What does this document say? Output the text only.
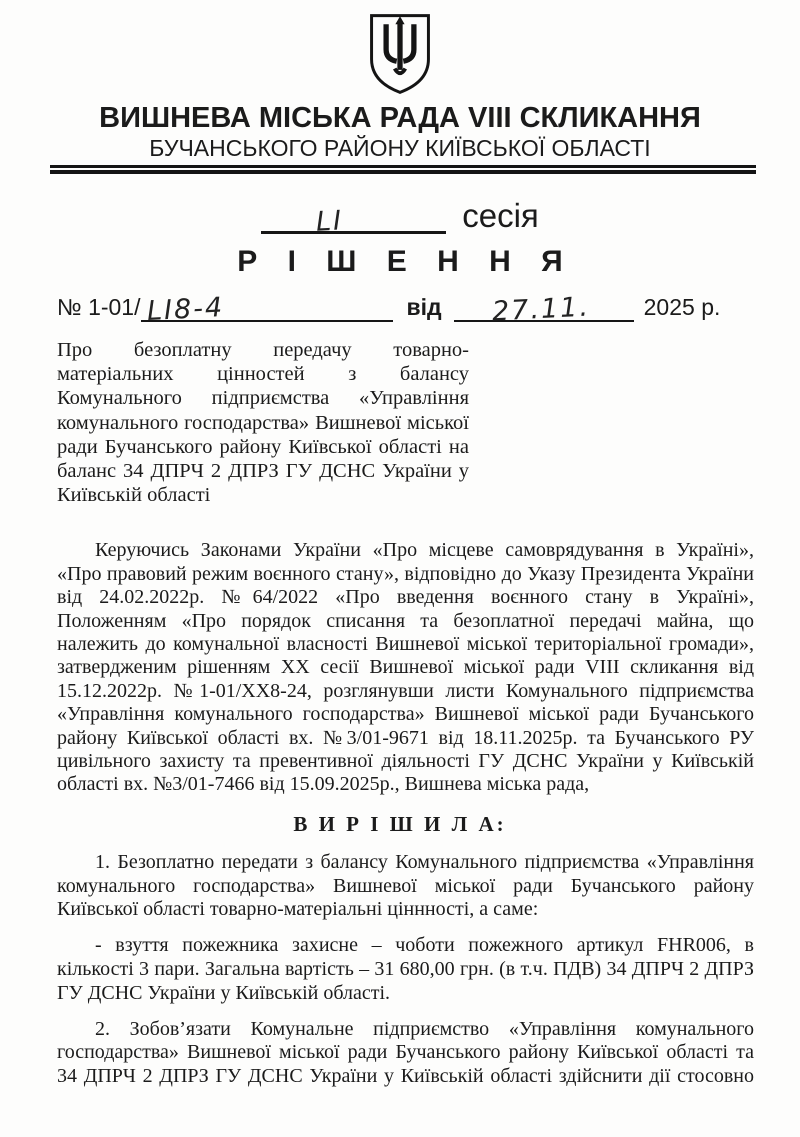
ВИШНЕВА МІСЬКА РАДА VIII СКЛИКАННЯ
БУЧАНСЬКОГО РАЙОНУ КИЇВСЬКОЇ ОБЛАСТІ
LI	сесія
Р І Ш Е Н Н Я
№ 1-01/ LI8-4	від 27.11. 2025 р.

Про безоплатну передачу товарно-матеріальних цінностей з балансу Комунального підприємства «Управління комунального господарства» Вишневої міської ради Бучанського району Київської області на баланс 34 ДПРЧ 2 ДПРЗ ГУ ДСНС України у Київській області

Керуючись Законами України «Про місцеве самоврядування в Україні», «Про правовий режим воєнного стану», відповідно до Указу Президента України від 24.02.2022р. №64/2022 «Про введення воєнного стану в Україні», Положенням «Про порядок списання та безоплатної передачі майна, що належить до комунальної власності Вишневої міської територіальної громади», затвердженим рішенням XX сесії Вишневої міської ради VIII скликання від 15.12.2022р. №1-01/XX8-24, розглянувши листи Комунального підприємства «Управління комунального господарства» Вишневої міської ради Бучанського району Київської області вх. №3/01-9671 від 18.11.2025р. та Бучанського РУ цивільного захисту та превентивної діяльності ГУ ДСНС України у Київській області вх. №3/01-7466 від 15.09.2025р., Вишнева міська рада,

В И Р І Ш И Л А:

1. Безоплатно передати з балансу Комунального підприємства «Управління комунального господарства» Вишневої міської ради Бучанського району Київської області товарно-матеріальні ціннності, а саме:

- взуття пожежника захисне – чоботи пожежного артикул FHR006, в кількості 3 пари. Загальна вартість – 31 680,00 грн. (в т.ч. ПДВ) 34 ДПРЧ 2 ДПРЗ ГУ ДСНС України у Київській області.

2. Зобов’язати Комунальне підприємство «Управління комунального господарства» Вишневої міської ради Бучанського району Київської області та 34 ДПРЧ 2 ДПРЗ ГУ ДСНС України у Київській області здійснити дії стосовно
